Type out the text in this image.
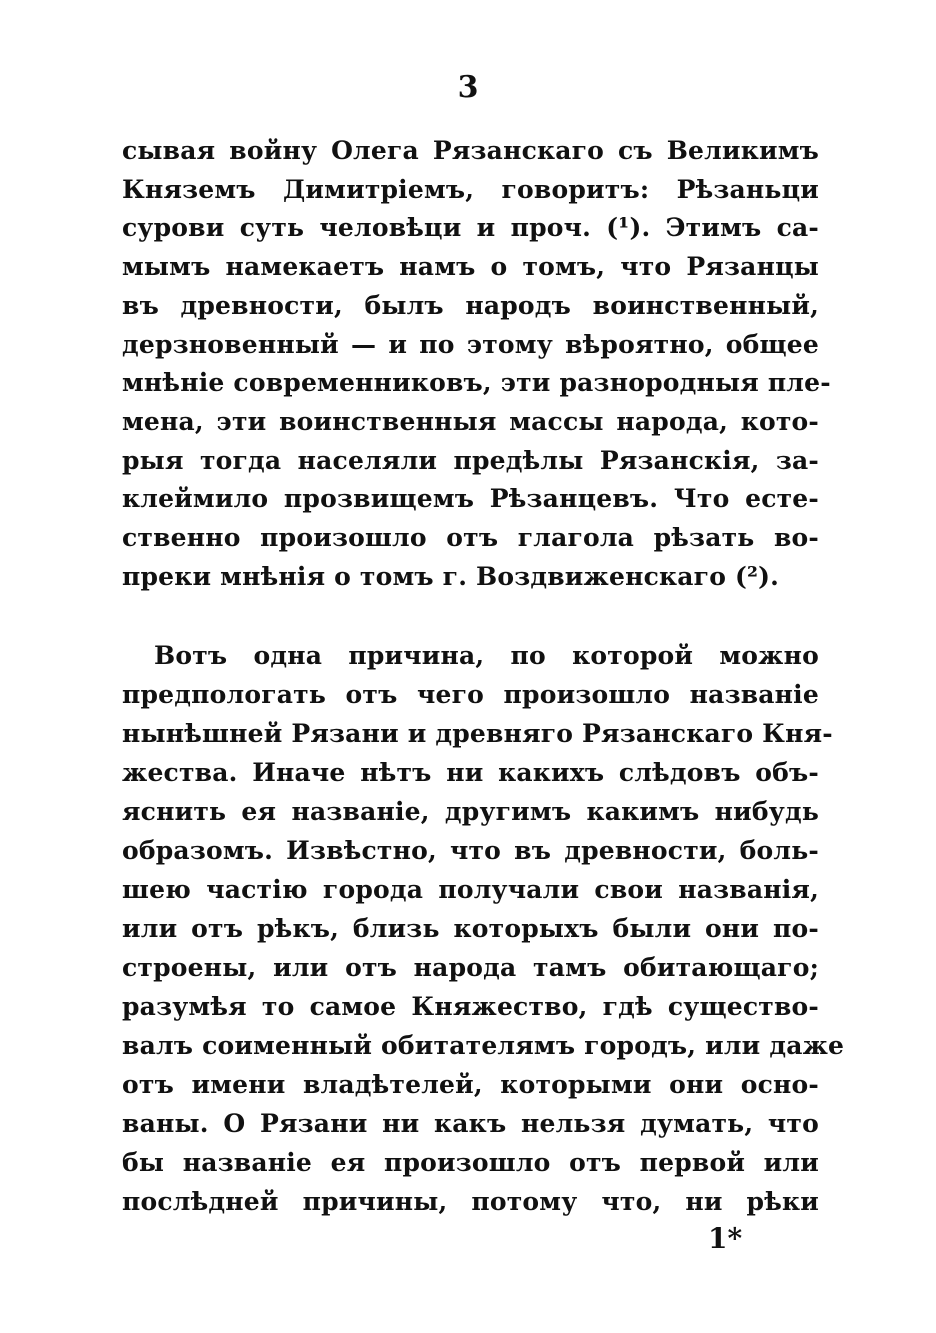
3
сывая войну Олега Рязанскаго съ Великимъ
Княземъ Димитріемъ, говоритъ: Рѣзаньци
сурови суть человѣци и проч. (¹). Этимъ са-
мымъ намекаетъ намъ о томъ, что Рязанцы
въ древности, былъ народъ воинственный,
дерзновенный — и по этому вѣроятно, общее
мнѣніе современниковъ, эти разнородныя пле-
мена, эти воинственныя массы народа, кото-
рыя тогда населяли предѣлы Рязанскія, за-
клеймило прозвищемъ Рѣзанцевъ. Что есте-
ственно произошло отъ глагола рѣзать во-
преки мнѣнія о томъ г. Воздвиженскаго (²).
Вотъ одна причина, по которой можно
предпологать отъ чего произошло названіе
нынѣшней Рязани и древняго Рязанскаго Кня-
жества. Иначе нѣтъ ни какихъ слѣдовъ объ-
яснить ея названіе, другимъ какимъ нибудь
образомъ. Извѣстно, что въ древности, боль-
шею частію города получали свои названія,
или отъ рѣкъ, близь которыхъ были они по-
строены, или отъ народа тамъ обитающаго;
разумѣя то самое Княжество, гдѣ существо-
валъ соименный обитателямъ городъ, или даже
отъ имени владѣтелей, которыми они осно-
ваны. О Рязани ни какъ нельзя думать, что
бы названіе ея произошло отъ первой или
послѣдней причины, потому что, ни рѣки
1*
